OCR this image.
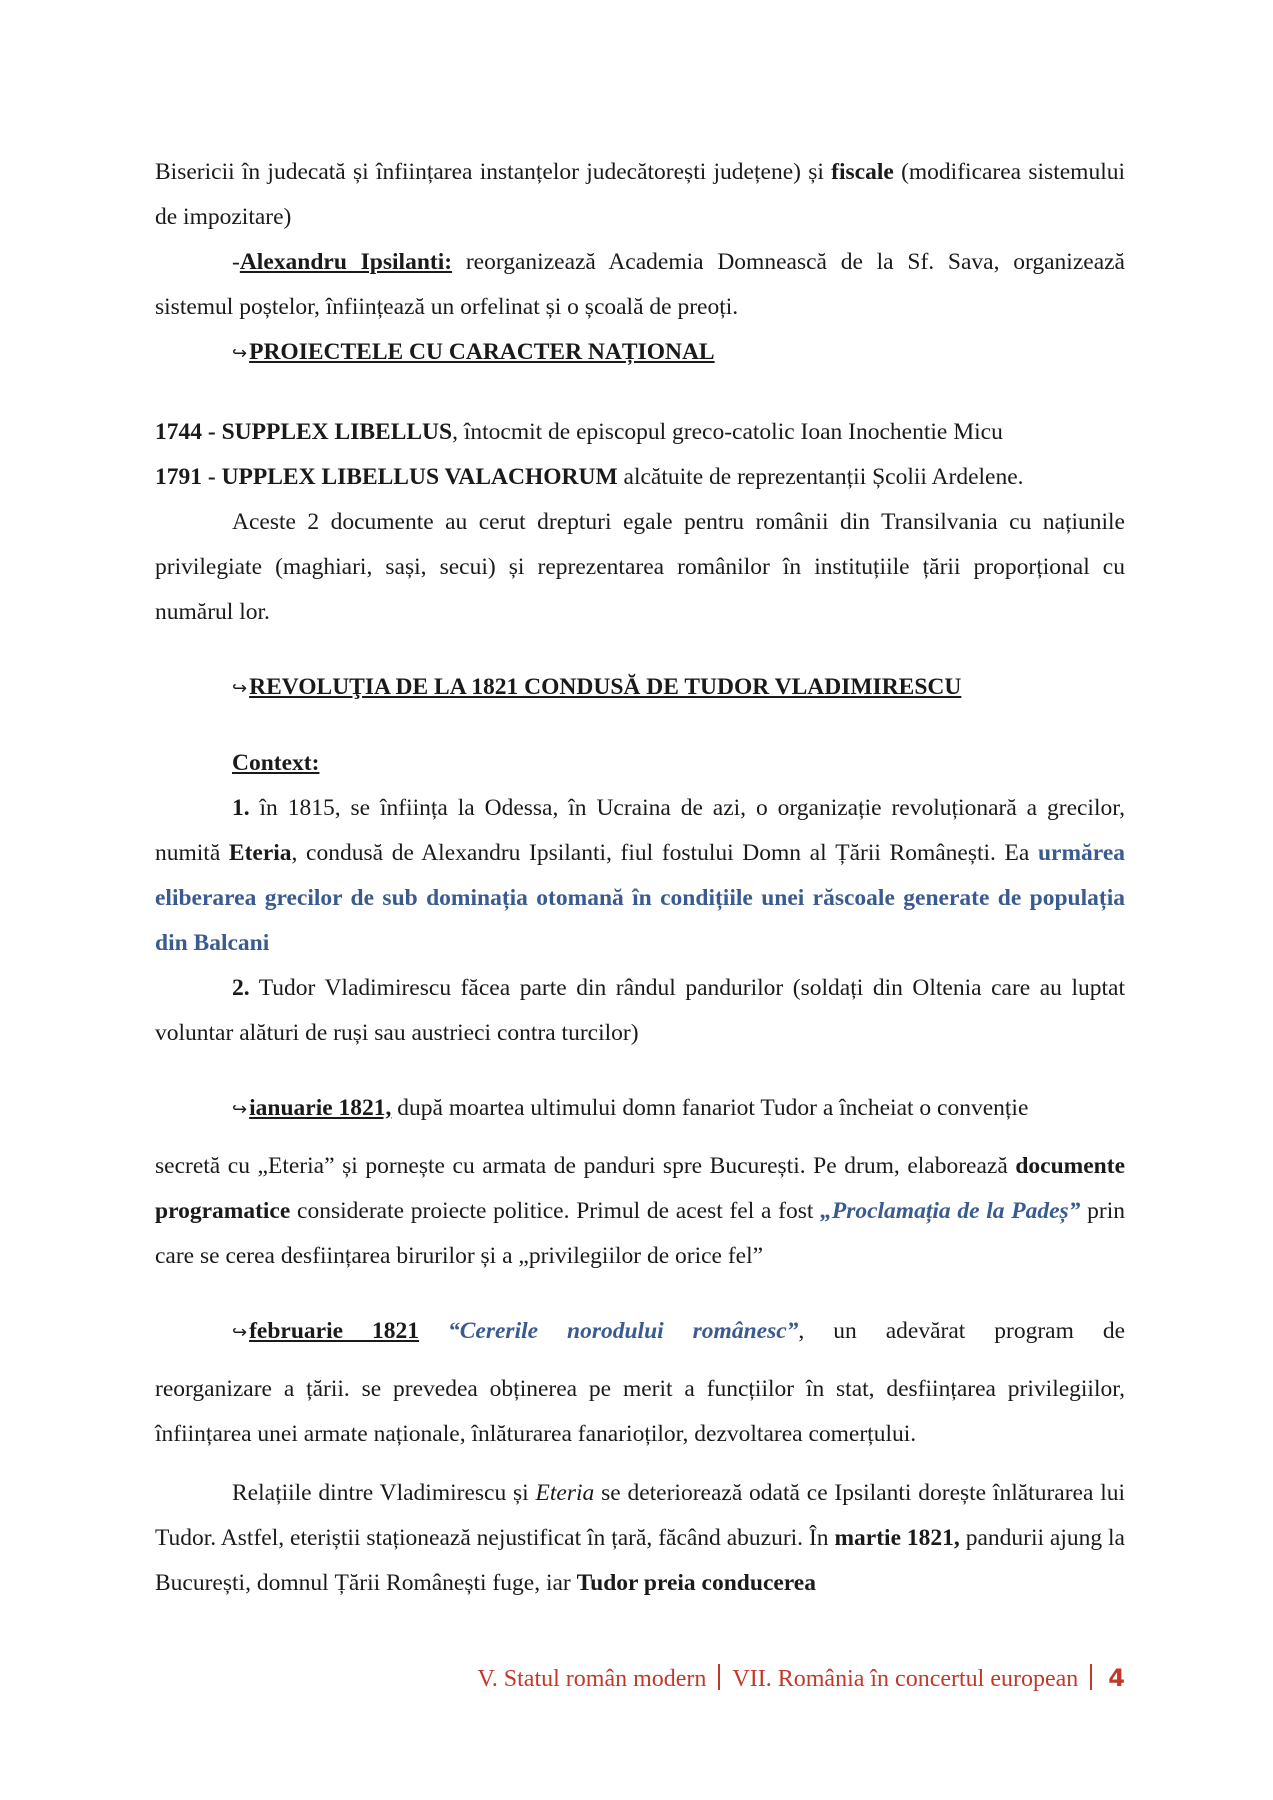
Bisericii în judecată și înființarea instanțelor judecătorești județene) și fiscale (modificarea sistemului de impozitare)

-Alexandru Ipsilanti: reorganizează Academia Domnească de la Sf. Sava, organizează sistemul poștelor, înființează un orfelinat și o școală de preoți.

↪PROIECTELE CU CARACTER NAȚIONAL

1744 - SUPPLEX LIBELLUS, întocmit de episcopul greco-catolic Ioan Inochentie Micu

1791 - UPPLEX LIBELLUS VALACHORUM alcătuite de reprezentanții Școlii Ardelene.

Aceste 2 documente au cerut drepturi egale pentru românii din Transilvania cu națiunile privilegiate (maghiari, sași, secui) și reprezentarea românilor în instituțiile țării proporțional cu numărul lor.

↪REVOLUŢIA DE LA 1821 CONDUSĂ DE TUDOR VLADIMIRESCU

Context:

1. în 1815, se înființa la Odessa, în Ucraina de azi, o organizație revoluționară a grecilor, numită Eteria, condusă de Alexandru Ipsilanti, fiul fostului Domn al Țării Românești. Ea urmărea eliberarea grecilor de sub dominația otomană în condițiile unei răscoale generate de populația din Balcani

2. Tudor Vladimirescu făcea parte din rândul pandurilor (soldați din Oltenia care au luptat voluntar alături de ruși sau austrieci contra turcilor)

↪ianuarie 1821, după moartea ultimului domn fanariot Tudor a încheiat o convenție

secretă cu „Eteria” și pornește cu armata de panduri spre București. Pe drum, elaborează documente programatice considerate proiecte politice. Primul de acest fel a fost „Proclamația de la Padeș” prin care se cerea desființarea birurilor și a „privilegiilor de orice fel”

↪februarie 1821 “Cererile norodului românesc”, un adevărat program de

reorganizare a țării. se prevedea obținerea pe merit a funcțiilor în stat, desființarea privilegiilor, înființarea unei armate naționale, înlăturarea fanarioților, dezvoltarea comerțului.

Relațiile dintre Vladimirescu și Eteria se deteriorează odată ce Ipsilanti dorește înlăturarea lui Tudor. Astfel, eteriștii staționează nejustificat în țară, făcând abuzuri. În martie 1821, pandurii ajung la București, domnul Țării Românești fuge, iar Tudor preia conducerea

V. Statul român modern VII. România în concertul european 4
